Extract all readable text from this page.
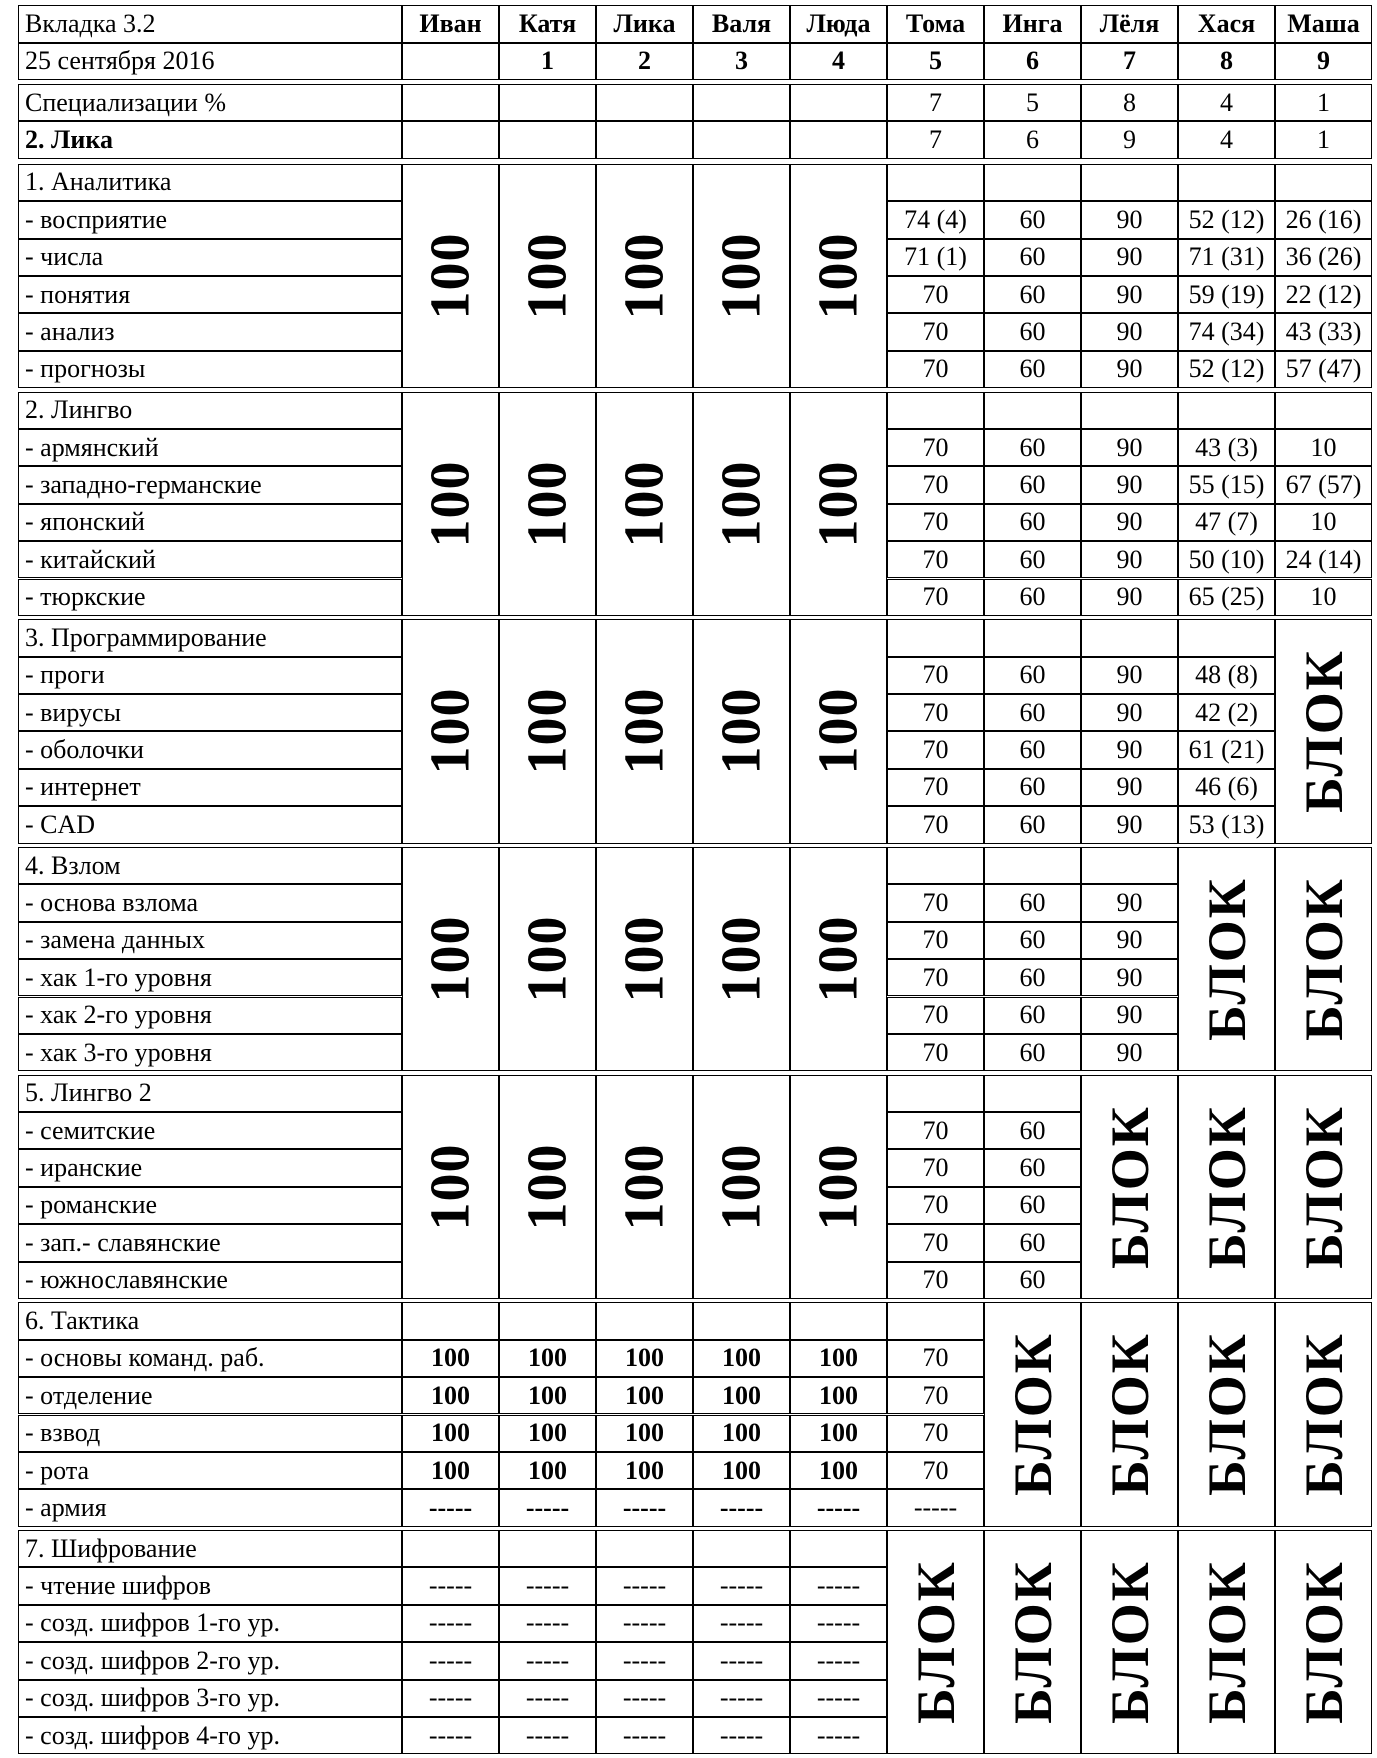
Вкладка 3.2
25 сентября 2016
Иван	Катя
1
Лика
2
Валя
3
Люда
4
Тома
5
Инга
6
Лёля
7
Хася
8
Маша
9
Специализации %
2. Лика
7
7
5
6
8
9
4
4
1
1
1. Аналитика
- восприятие
- числа
- понятия
- анализ
- прогнозы
100 100 100 100 100
74 (4)
71 (1)
70
70
70
60
60
60
60
60
90
90
90
90
90
52 (12)
71 (31)
59 (19)
74 (34)
52 (12)
26 (16)
36 (26)
22 (12)
43 (33)
57 (47)
2. Лингво
- армянский
- западно-германские
- японский
- китайский
- тюркские
100 100 100 100 100
70
70
70
70
70
60
60
60
60
60
90
90
90
90
90
43 (3)
55 (15)
47 (7)
50 (10)
65 (25)
10
67 (57)
10
24 (14)
10
3. Программирование
- проги
- вирусы
- оболочки
- интернет
- CAD
100 100 100 100 100
70
70
70
70
70
60
60
60
60
60
90
90
90
90
90
48 (8)
42 (2)
61 (21)
46 (6)
53 (13)
БЛОК
4. Взлом
- основа взлома
- замена данных
- хак 1-го уровня
- хак 2-го уровня
- хак 3-го уровня
100 100 100 100 100
70
70
70
70
70
60
60
60
60
60
90
90
90
90
90
БЛОК БЛОК
5. Лингво 2
- семитские
- иранские
- романские
- зап.- славянские
- южнославянские
100 100 100 100 100
70
70
70
70
70
60
60
60
60
60
БЛОК БЛОК БЛОК
6. Тактика
- основы команд. раб.
- отделение
- взвод
- рота
- армия
100
100
100
100
-----
100
100
100
100
-----
100
100
100
100
-----
100
100
100
100
-----
100
100
100
100
-----
70
70
70
70
-----
БЛОК БЛОК БЛОК БЛОК
7. Шифрование
- чтение шифров
- созд. шифров 1-го ур.
- созд. шифров 2-го ур.
- созд. шифров 3-го ур.
- созд. шифров 4-го ур.
-----
-----
-----
-----
-----
-----
-----
-----
-----
-----
-----
-----
-----
-----
-----
-----
-----
-----
-----
-----
-----
-----
-----
-----
-----
БЛОК БЛОК БЛОК БЛОК БЛОК
